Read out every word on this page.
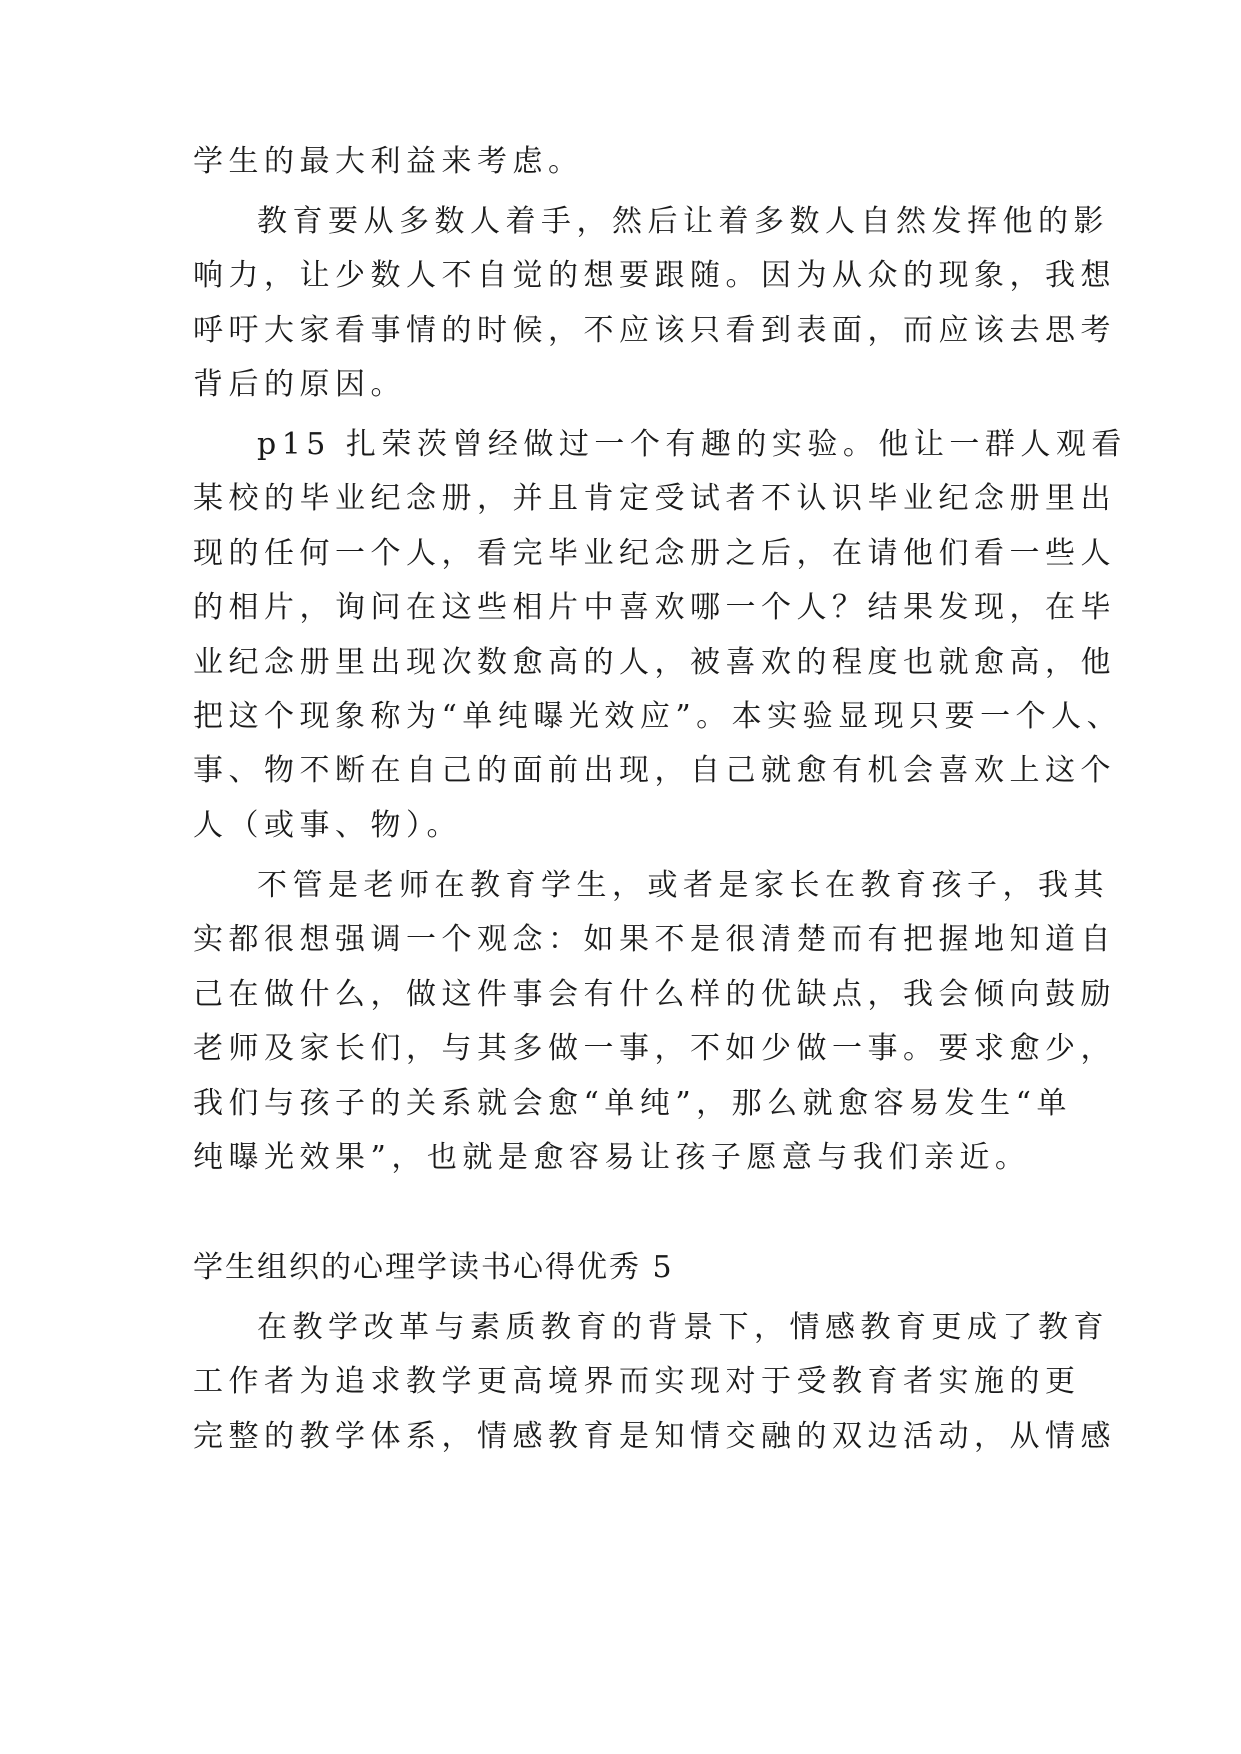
学生的最大利益来考虑。
教育要从多数人着手，然后让着多数人自然发挥他的影
响力，让少数人不自觉的想要跟随。因为从众的现象，我想
呼吁大家看事情的时候，不应该只看到表面，而应该去思考
背后的原因。
p15 扎荣茨曾经做过一个有趣的实验。他让一群人观看
某校的毕业纪念册，并且肯定受试者不认识毕业纪念册里出
现的任何一个人，看完毕业纪念册之后，在请他们看一些人
的相片，询问在这些相片中喜欢哪一个人？结果发现，在毕
业纪念册里出现次数愈高的人，被喜欢的程度也就愈高，他
把这个现象称为“单纯曝光效应”。本实验显现只要一个人、
事、物不断在自己的面前出现，自己就愈有机会喜欢上这个
人（或事、物）。
不管是老师在教育学生，或者是家长在教育孩子，我其
实都很想强调一个观念：如果不是很清楚而有把握地知道自
己在做什么，做这件事会有什么样的优缺点，我会倾向鼓励
老师及家长们，与其多做一事，不如少做一事。要求愈少，
我们与孩子的关系就会愈“单纯”，那么就愈容易发生“单
纯曝光效果”，也就是愈容易让孩子愿意与我们亲近。
学生组织的心理学读书心得优秀 5
在教学改革与素质教育的背景下，情感教育更成了教育
工作者为追求教学更高境界而实现对于受教育者实施的更
完整的教学体系，情感教育是知情交融的双边活动，从情感
